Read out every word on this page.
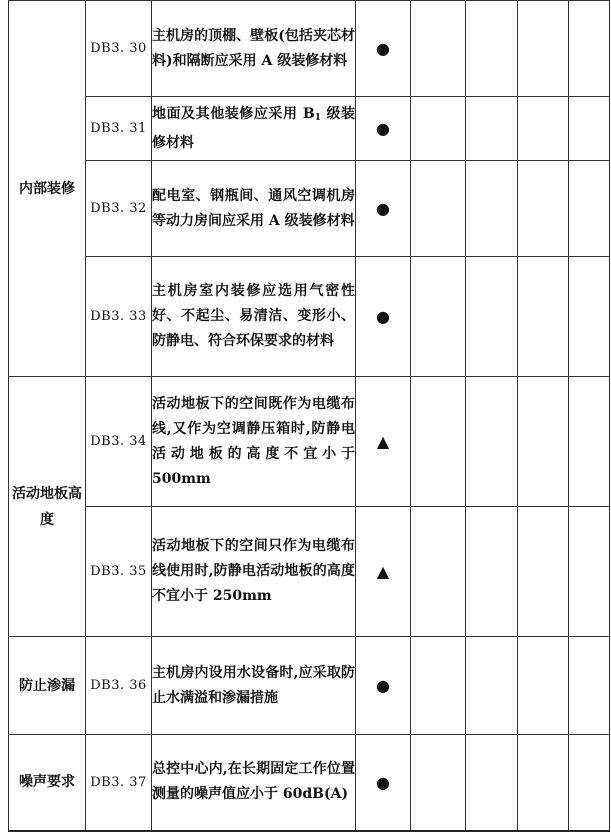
内部装修	DB3. 30	主机房的顶棚、壁板(包括夹芯材料)和隔断应采用 A 级装修材料	●				
	DB3. 31	地面及其他装修应采用 $B_1$ 级装修材料	●				
	DB3. 32	配电室、钢瓶间、通风空调机房等动力房间应采用 A 级装修材料	●				
	DB3. 33	主机房室内装修应选用气密性好、不起尘、易清洁、变形小、防静电、符合环保要求的材料	●				
活动地板高度	DB3. 34	活动地板下的空间既作为电缆布线,又作为空调静压箱时,防静电活动地板的高度不宜小于 500mm	▲				
	DB3. 35	活动地板下的空间只作为电缆布线使用时,防静电活动地板的高度不宜小于 250mm	▲				
防止渗漏	DB3. 36	主机房内设用水设备时,应采取防止水满溢和渗漏措施	●				
噪声要求	DB3. 37	总控中心内,在长期固定工作位置测量的噪声值应小于 60dB(A)	●				
